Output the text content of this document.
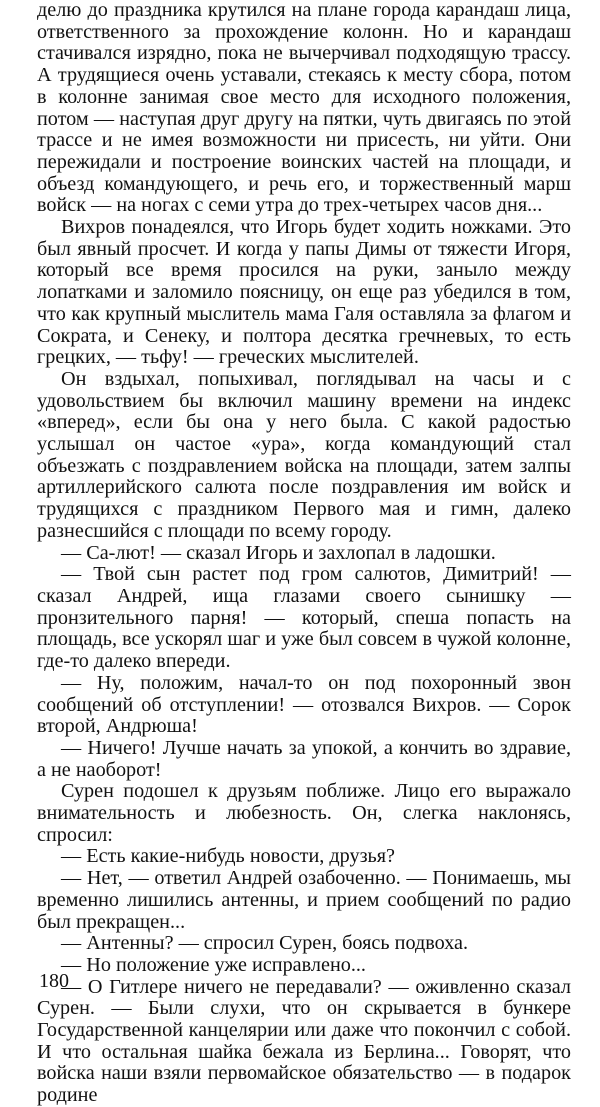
делю до праздника крутился на плане города карандаш лица, ответственного за прохождение колонн. Но и карандаш стачивался изрядно, пока не вычерчивал подходящую трассу. А трудящиеся очень уставали, стекаясь к месту сбора, потом в колонне занимая свое место для исходного положения, потом — наступая друг другу на пятки, чуть двигаясь по этой трассе и не имея возможности ни присесть, ни уйти. Они пережидали и построение воинских частей на площади, и объезд командующего, и речь его, и торжественный марш войск — на ногах с семи утра до трех-четырех часов дня...

Вихров понадеялся, что Игорь будет ходить ножками. Это был явный просчет. И когда у папы Димы от тяжести Игоря, который все время просился на руки, заныло между лопатками и заломило поясницу, он еще раз убедился в том, что как крупный мыслитель мама Галя оставляла за флагом и Сократа, и Сенеку, и полтора десятка гречневых, то есть грецких, — тьфу! — греческих мыслителей.

Он вздыхал, попыхивал, поглядывал на часы и с удовольствием бы включил машину времени на индекс «вперед», если бы она у него была. С какой радостью услышал он частое «ура», когда командующий стал объезжать с поздравлением войска на площади, затем залпы артиллерийского салюта после поздравления им войск и трудящихся с праздником Первого мая и гимн, далеко разнесшийся с площади по всему городу.

— Са-лют! — сказал Игорь и захлопал в ладошки.

— Твой сын растет под гром салютов, Димитрий! — сказал Андрей, ища глазами своего сынишку — пронзительного парня! — который, спеша попасть на площадь, все ускорял шаг и уже был совсем в чужой колонне, где-то далеко впереди.

— Ну, положим, начал-то он под похоронный звон сообщений об отступлении! — отозвался Вихров. — Сорок второй, Андрюша!

— Ничего! Лучше начать за упокой, а кончить во здравие, а не наоборот!

Сурен подошел к друзьям поближе. Лицо его выражало внимательность и любезность. Он, слегка наклонясь, спросил:

— Есть какие-нибудь новости, друзья?

— Нет, — ответил Андрей озабоченно. — Понимаешь, мы временно лишились антенны, и прием сообщений по радио был прекращен...

— Антенны? — спросил Сурен, боясь подвоха.

— Но положение уже исправлено...

— О Гитлере ничего не передавали? — оживленно сказал Сурен. — Были слухи, что он скрывается в бункере Государственной канцелярии или даже что покончил с собой. И что остальная шайка бежала из Берлина... Говорят, что войска наши взяли первомайское обязательство — в подарок родине

180
